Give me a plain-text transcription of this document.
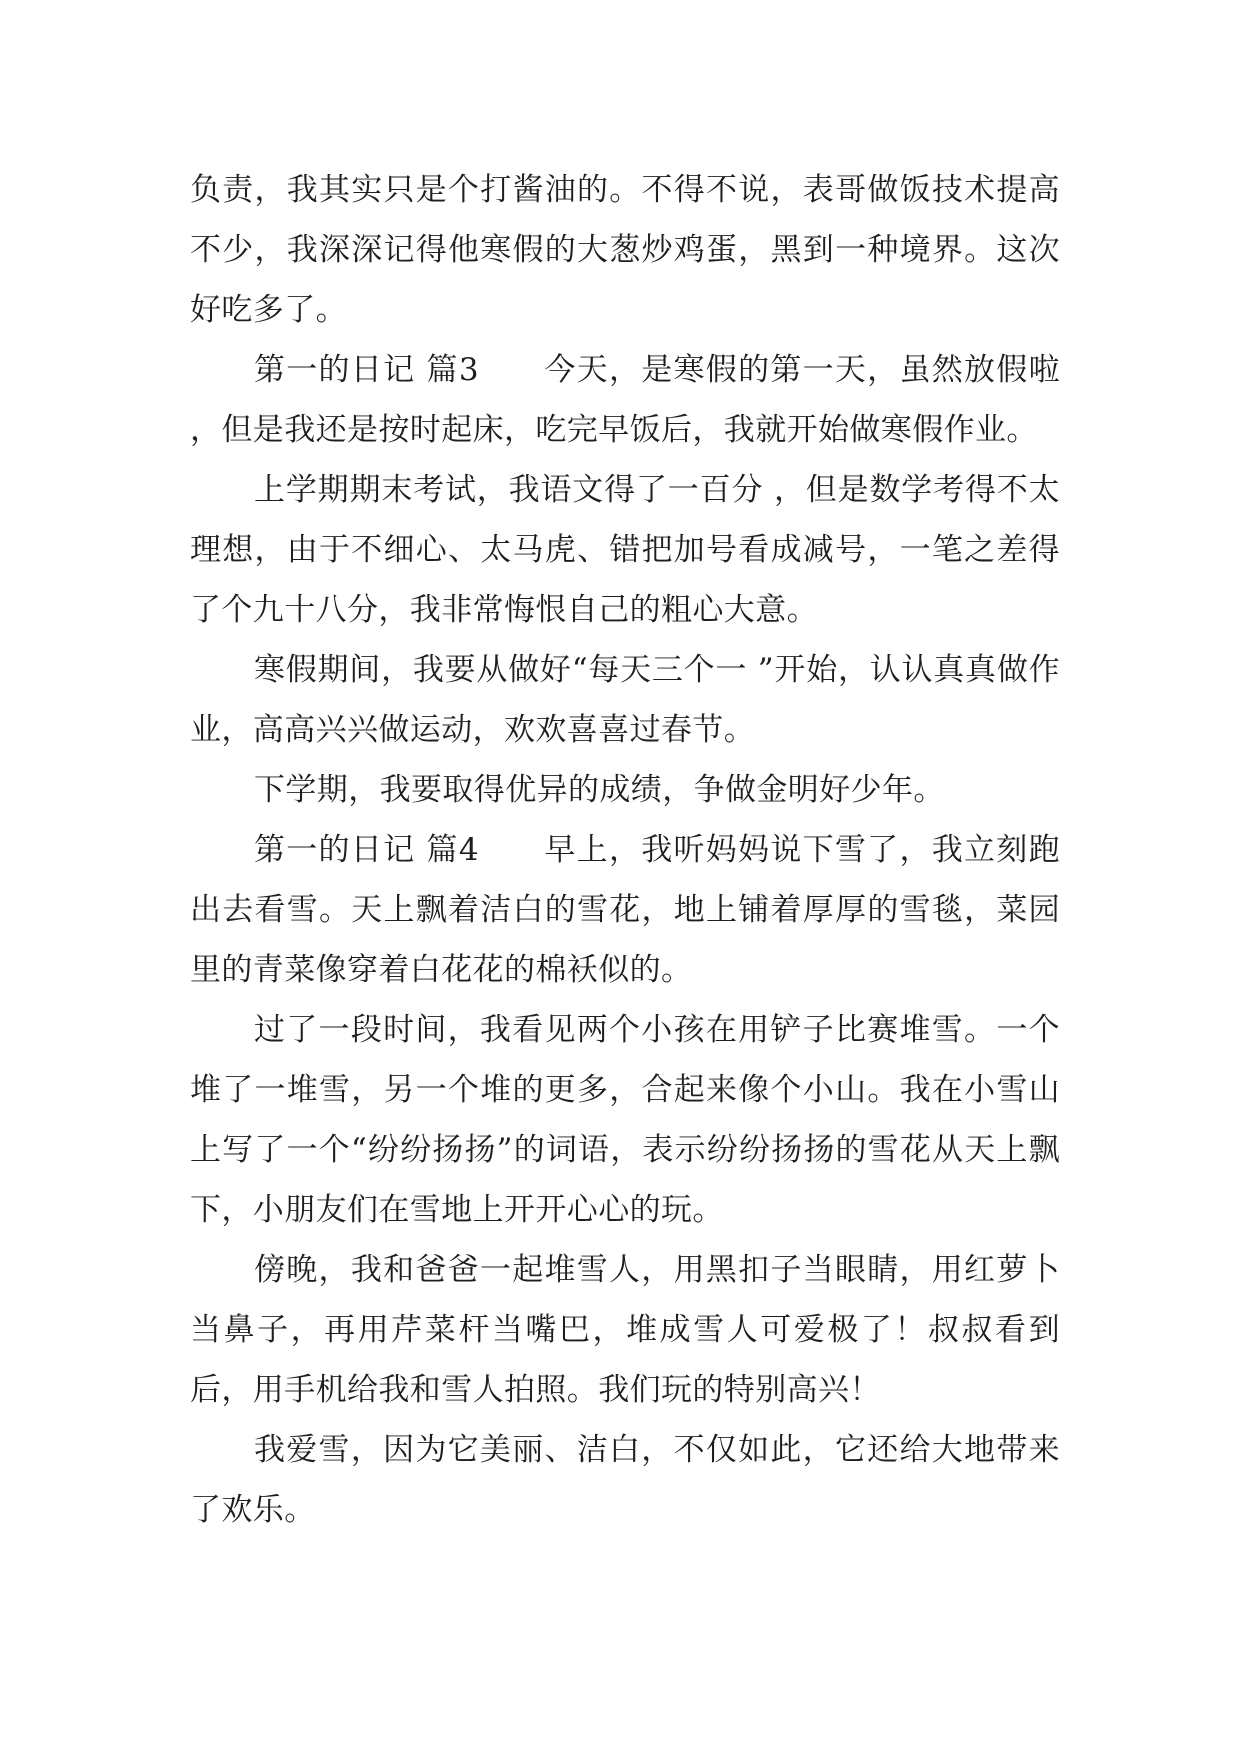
负责，我其实只是个打酱油的。不得不说，表哥做饭技术提高不少，我深深记得他寒假的大葱炒鸡蛋，黑到一种境界。这次好吃多了。

第一的日记 篇3　　今天，是寒假的第一天，虽然放假啦 ，但是我还是按时起床，吃完早饭后，我就开始做寒假作业。

上学期期末考试，我语文得了一百分 ，但是数学考得不太理想，由于不细心、太马虎、错把加号看成减号，一笔之差得了个九十八分，我非常悔恨自己的粗心大意。

寒假期间，我要从做好“每天三个一 ”开始，认认真真做作业，高高兴兴做运动，欢欢喜喜过春节。

下学期，我要取得优异的成绩，争做金明好少年。

第一的日记 篇4　　早上，我听妈妈说下雪了，我立刻跑出去看雪。天上飘着洁白的雪花，地上铺着厚厚的雪毯，菜园里的青菜像穿着白花花的棉袄似的。

过了一段时间，我看见两个小孩在用铲子比赛堆雪。一个堆了一堆雪，另一个堆的更多，合起来像个小山。我在小雪山上写了一个“纷纷扬扬”的词语，表示纷纷扬扬的雪花从天上飘下，小朋友们在雪地上开开心心的玩。

傍晚，我和爸爸一起堆雪人，用黑扣子当眼睛，用红萝卜当鼻子，再用芹菜杆当嘴巴，堆成雪人可爱极了！叔叔看到后，用手机给我和雪人拍照。我们玩的特别高兴！

我爱雪，因为它美丽、洁白，不仅如此，它还给大地带来了欢乐。
